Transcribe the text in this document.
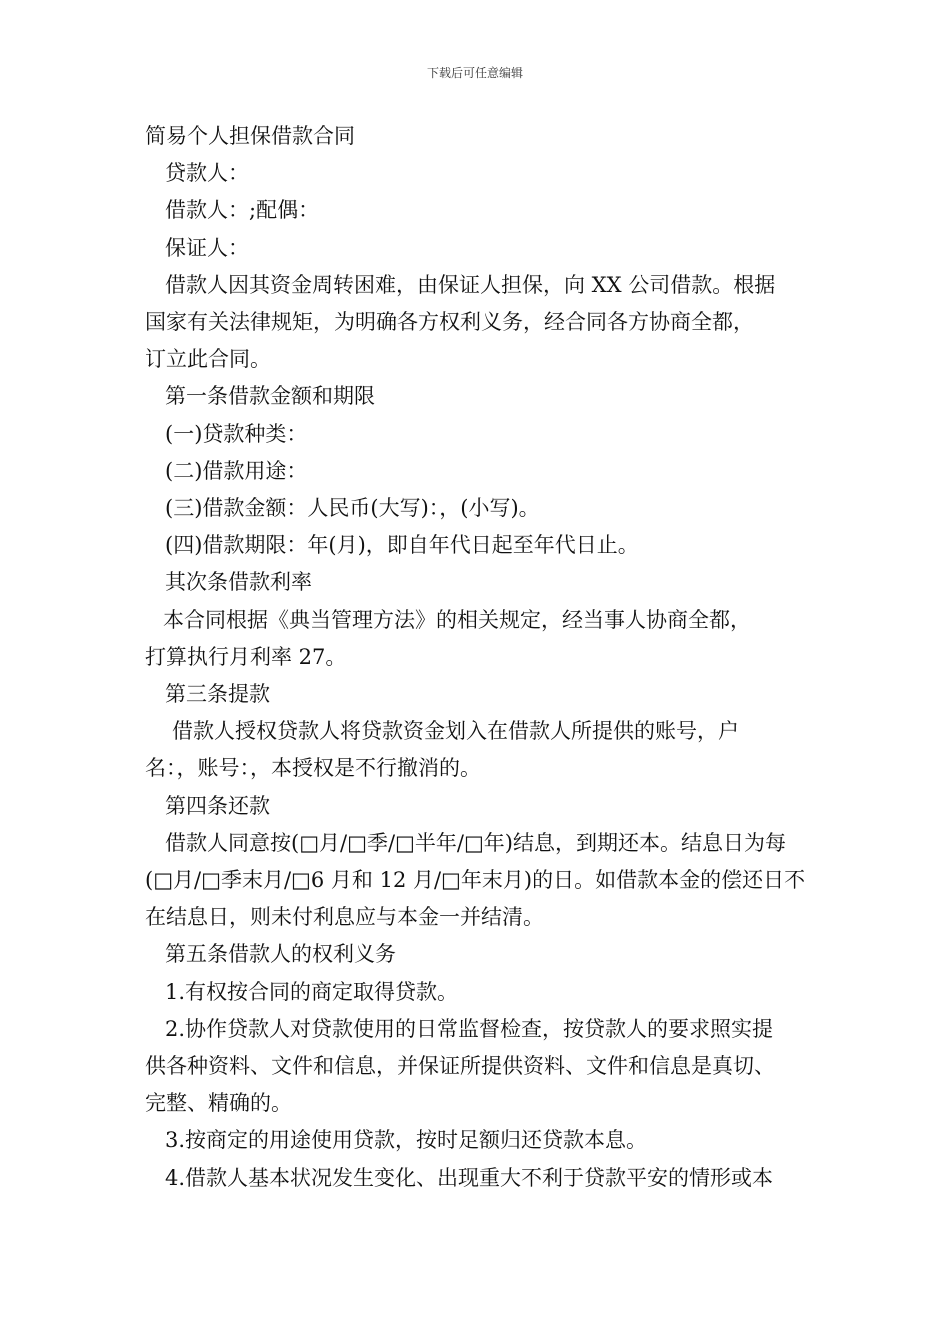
下载后可任意编辑

简易个人担保借款合同

贷款人：

借款人：;配偶：

保证人：

借款人因其资金周转困难，由保证人担保，向 XX 公司借款。根据

国家有关法律规矩，为明确各方权利义务，经合同各方协商全都，

订立此合同。

第一条借款金额和期限

(一)贷款种类：

(二)借款用途：

(三)借款金额：人民币(大写)：，(小写)。

(四)借款期限：年(月)，即自年代日起至年代日止。

其次条借款利率

本合同根据《典当管理方法》的相关规定，经当事人协商全都，

打算执行月利率 27。

第三条提款

借款人授权贷款人将贷款资金划入在借款人所提供的账号，户

名：，账号：，本授权是不行撤消的。

第四条还款

借款人同意按(□月/□季/□半年/□年)结息，到期还本。结息日为每

(□月/□季末月/□6 月和 12 月/□年末月)的日。如借款本金的偿还日不

在结息日，则未付利息应与本金一并结清。

第五条借款人的权利义务

1.有权按合同的商定取得贷款。

2.协作贷款人对贷款使用的日常监督检查，按贷款人的要求照实提

供各种资料、文件和信息，并保证所提供资料、文件和信息是真切、

完整、精确的。

3.按商定的用途使用贷款，按时足额归还贷款本息。

4.借款人基本状况发生变化、出现重大不利于贷款平安的情形或本
